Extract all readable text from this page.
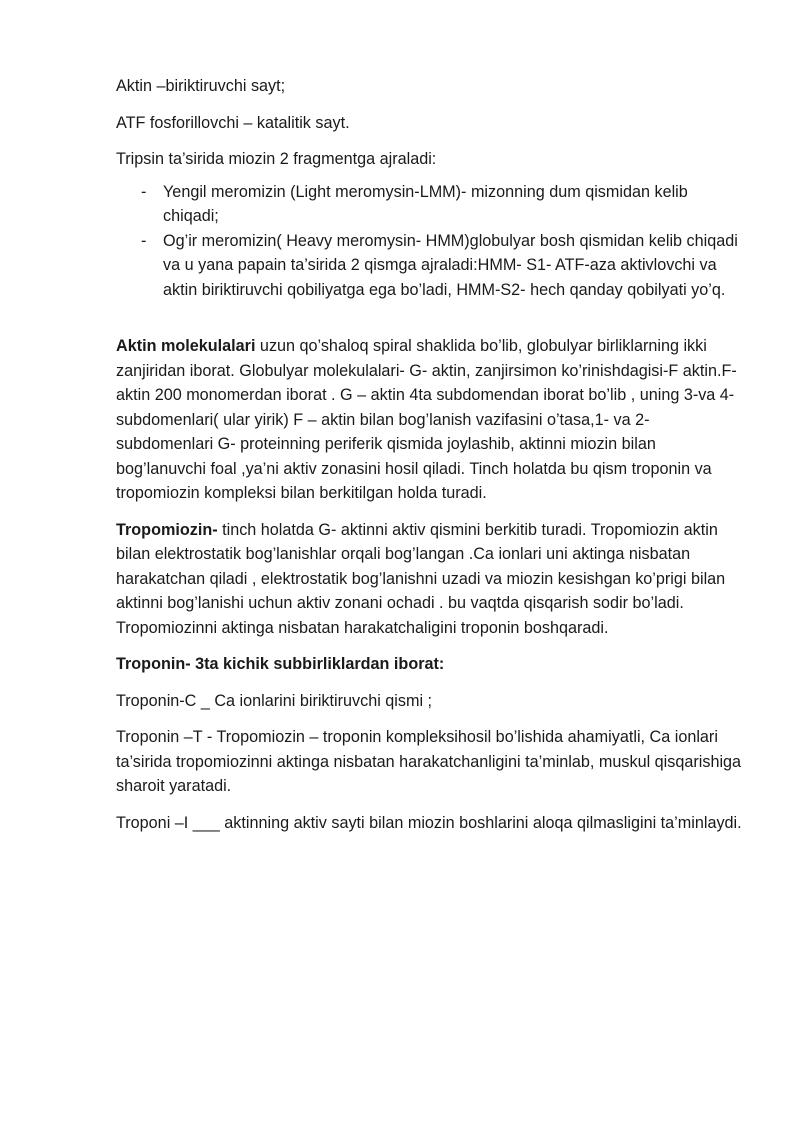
Aktin –biriktiruvchi sayt;

ATF fosforillovchi – katalitik sayt.

Tripsin ta’sirida miozin 2 fragmentga ajraladi:

- Yengil meromizin (Light meromysin-LMM)- mizonning dum qismidan kelib chiqadi;
- Og’ir meromizin( Heavy meromysin- HMM)globulyar bosh qismidan kelib chiqadi va u yana papain ta’sirida 2 qismga ajraladi:HMM- S1- ATF-aza aktivlovchi va aktin biriktiruvchi qobiliyatga ega bo’ladi, HMM-S2- hech qanday qobilyati yo’q.

Aktin molekulalari uzun qo’shaloq spiral shaklida bo’lib, globulyar birliklarning ikki zanjiridan iborat. Globulyar molekulalari- G- aktin, zanjirsimon ko’rinishdagisi-F aktin.F-aktin 200 monomerdan iborat . G – aktin 4ta subdomendan iborat bo’lib , uning 3-va 4- subdomenlari( ular yirik) F – aktin bilan bog’lanish vazifasini o’tasa,1- va 2- subdomenlari G- proteinning periferik qismida joylashib, aktinni miozin bilan bog’lanuvchi foal ,ya’ni aktiv zonasini hosil qiladi. Tinch holatda bu qism troponin va tropomiozin kompleksi bilan berkitilgan holda turadi.

Tropomiozin- tinch holatda G- aktinni aktiv qismini berkitib turadi. Tropomiozin aktin bilan elektrostatik bog’lanishlar orqali bog’langan .Ca ionlari uni aktinga nisbatan harakatchan qiladi , elektrostatik bog’lanishni uzadi va miozin kesishgan ko’prigi bilan aktinni bog’lanishi uchun aktiv zonani ochadi . bu vaqtda qisqarish sodir bo’ladi. Tropomiozinni aktinga nisbatan harakatchaligini troponin boshqaradi.

Troponin- 3ta kichik subbirliklardan iborat:

Troponin-C _ Ca ionlarini biriktiruvchi qismi ;

Troponin –T - Tropomiozin – troponin kompleksihosil bo’lishida ahamiyatli, Ca ionlari ta’sirida tropomiozinni aktinga nisbatan harakatchanligini ta’minlab, muskul qisqarishiga sharoit yaratadi.

Troponi –I ___ aktinning aktiv sayti bilan miozin boshlarini aloqa qilmasligini ta’minlaydi.
